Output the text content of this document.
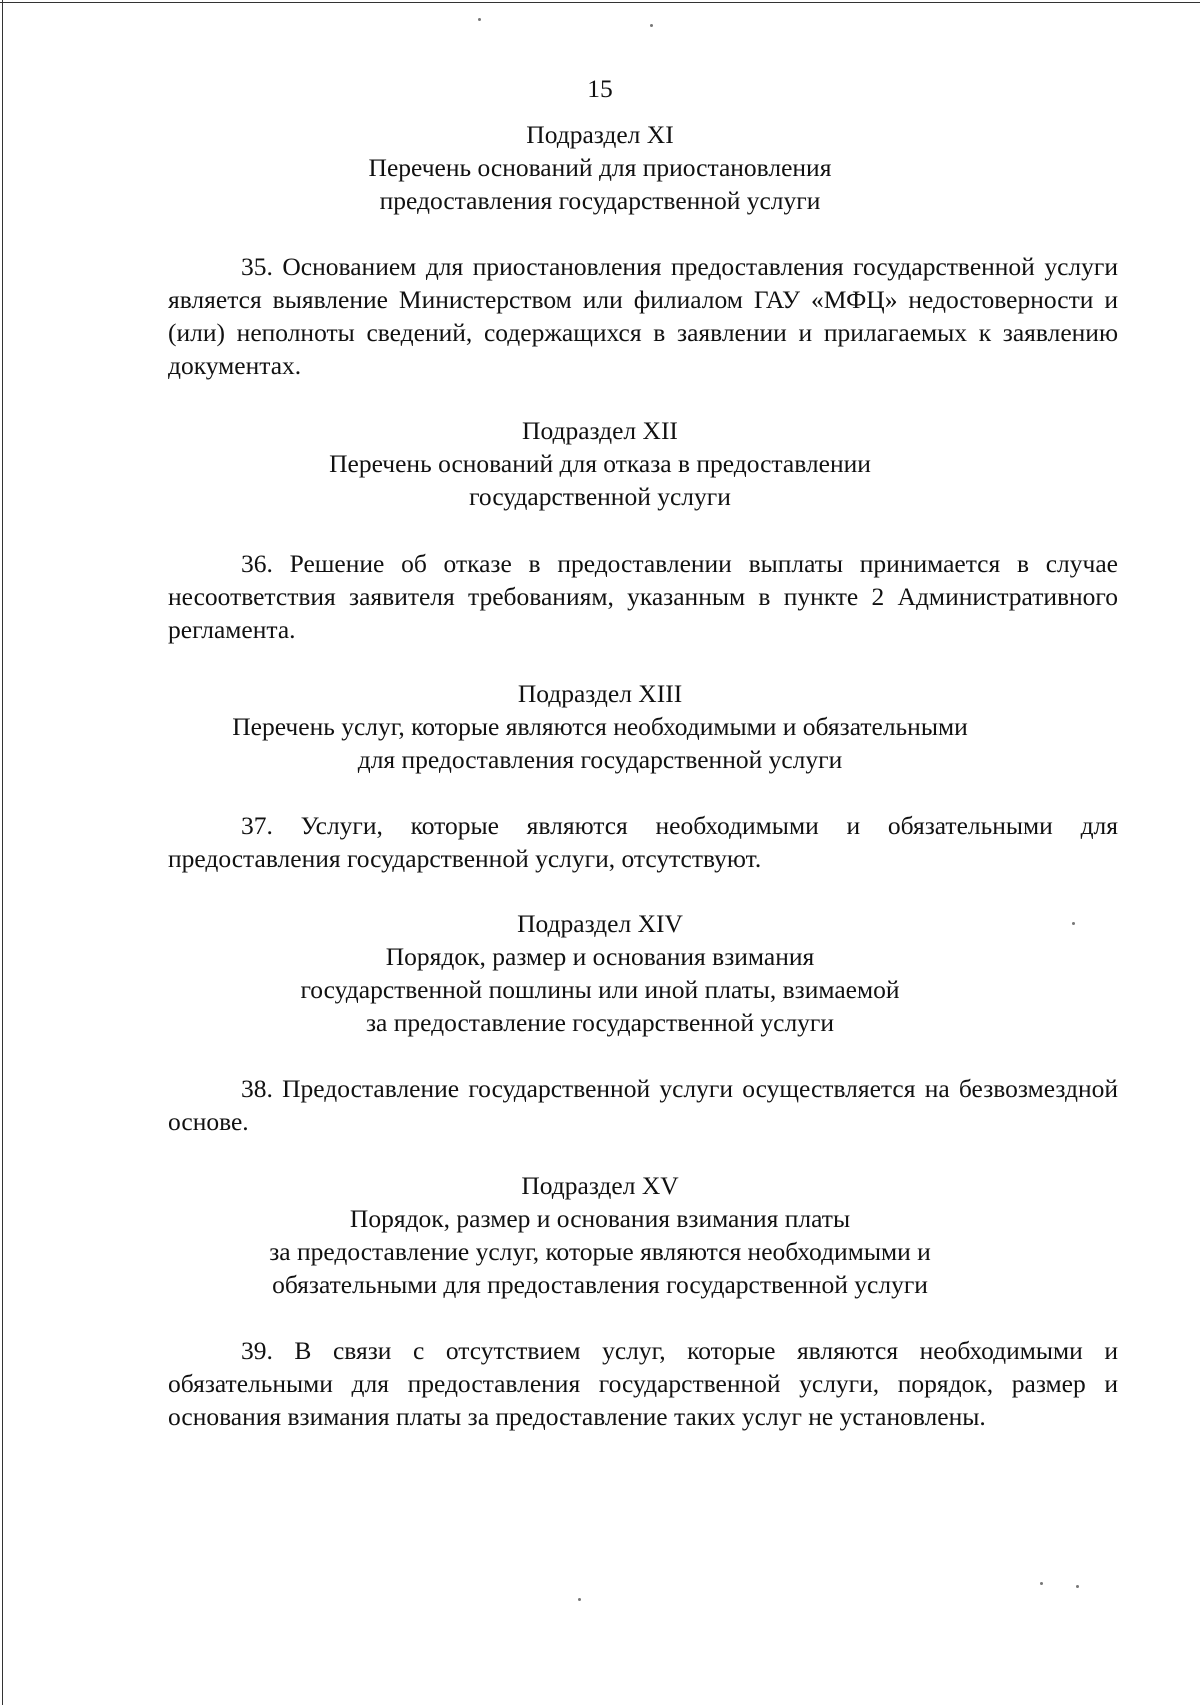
15
Подраздел XI
Перечень оснований для приостановления
предоставления государственной услуги
35. Основанием для приостановления предоставления государственной услуги является выявление Министерством или филиалом ГАУ «МФЦ» недостоверности и (или) неполноты сведений, содержащихся в заявлении и прилагаемых к заявлению документах.
Подраздел XII
Перечень оснований для отказа в предоставлении
государственной услуги
36. Решение об отказе в предоставлении выплаты принимается в случае несоответствия заявителя требованиям, указанным в пункте 2 Административного регламента.
Подраздел XIII
Перечень услуг, которые являются необходимыми и обязательными
для предоставления государственной услуги
37. Услуги, которые являются необходимыми и обязательными для предоставления государственной услуги, отсутствуют.
Подраздел XIV
Порядок, размер и основания взимания
государственной пошлины или иной платы, взимаемой
за предоставление государственной услуги
38. Предоставление государственной услуги осуществляется на безвозмездной основе.
Подраздел XV
Порядок, размер и основания взимания платы
за предоставление услуг, которые являются необходимыми и
обязательными для предоставления государственной услуги
39. В связи с отсутствием услуг, которые являются необходимыми и обязательными для предоставления государственной услуги, порядок, размер и основания взимания платы за предоставление таких услуг не установлены.
